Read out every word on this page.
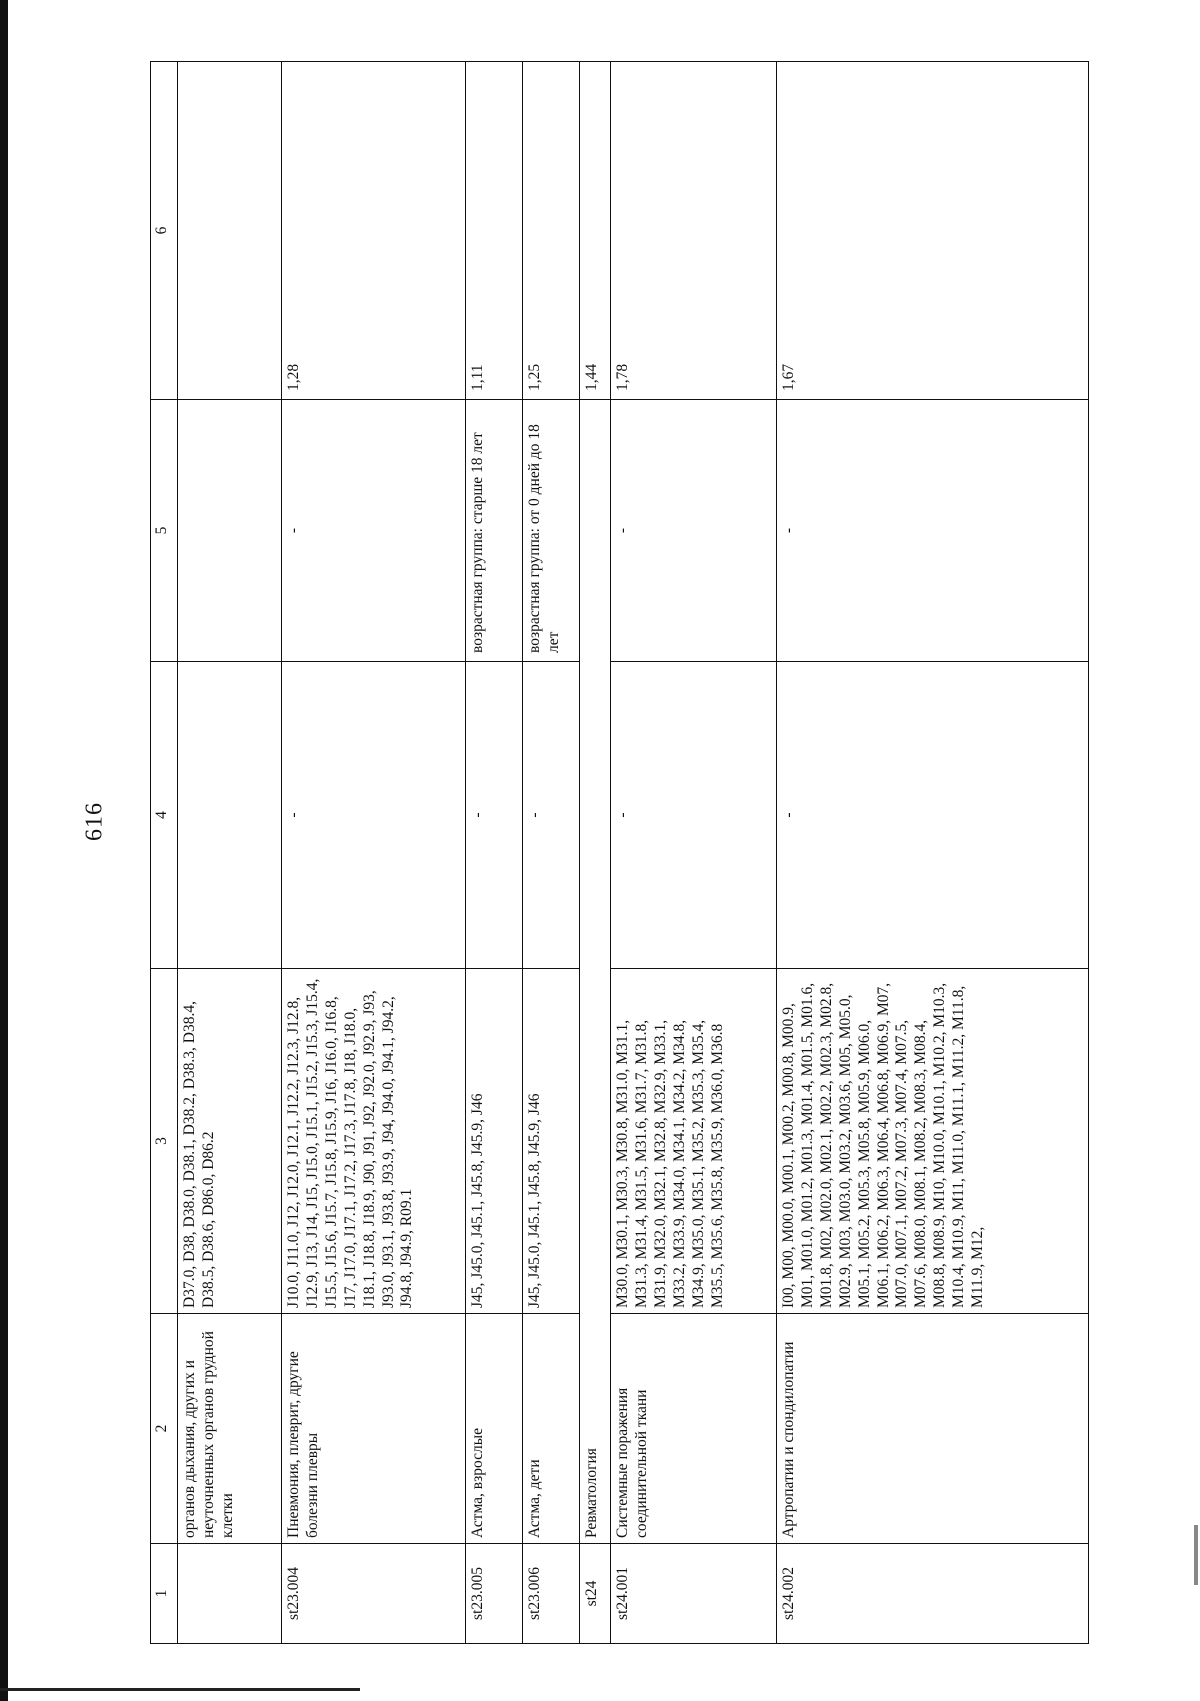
616
1	2	3	4	5	6
	органов дыхания, других и неуточненных органов грудной клетки	D37.0, D38, D38.0, D38.1, D38.2, D38.3, D38.4, D38.5, D38.6, D86.0, D86.2			
st23.004	Пневмония, плеврит, другие болезни плевры	J10.0, J11.0, J12, J12.0, J12.1, J12.2, J12.3, J12.8, J12.9, J13, J14, J15, J15.0, J15.1, J15.2, J15.3, J15.4, J15.5, J15.6, J15.7, J15.8, J15.9, J16, J16.0, J16.8, J17, J17.0, J17.1, J17.2, J17.3, J17.8, J18, J18.0, J18.1, J18.8, J18.9, J90, J91, J92, J92.0, J92.9, J93, J93.0, J93.1, J93.8, J93.9, J94, J94.0, J94.1, J94.2, J94.8, J94.9, R09.1	-	-	1,28
st23.005	Астма, взрослые	J45, J45.0, J45.1, J45.8, J45.9, J46	-	возрастная группа: старше 18 лет	1,11
st23.006	Астма, дети	J45, J45.0, J45.1, J45.8, J45.9, J46	-	возрастная группа: от 0 дней до 18 лет	1,25
st24	Ревматология				1,44
st24.001	Системные поражения соединительной ткани	M30.0, M30.1, M30.3, M30.8, M31.0, M31.1, M31.3, M31.4, M31.5, M31.6, M31.7, M31.8, M31.9, M32.0, M32.1, M32.8, M32.9, M33.1, M33.2, M33.9, M34.0, M34.1, M34.2, M34.8, M34.9, M35.0, M35.1, M35.2, M35.3, M35.4, M35.5, M35.6, M35.8, M35.9, M36.0, M36.8	-	-	1,78
st24.002	Артропатии и спондилопатии	I00, M00, M00.0, M00.1, M00.2, M00.8, M00.9, M01, M01.0, M01.2, M01.3, M01.4, M01.5, M01.6, M01.8, M02, M02.0, M02.1, M02.2, M02.3, M02.8, M02.9, M03, M03.0, M03.2, M03.6, M05, M05.0, M05.1, M05.2, M05.3, M05.8, M05.9, M06.0, M06.1, M06.2, M06.3, M06.4, M06.8, M06.9, M07, M07.0, M07.1, M07.2, M07.3, M07.4, M07.5, M07.6, M08.0, M08.1, M08.2, M08.3, M08.4, M08.8, M08.9, M10, M10.0, M10.1, M10.2, M10.3, M10.4, M10.9, M11, M11.0, M11.1, M11.2, M11.8, M11.9, M12,	-	-	1,67
